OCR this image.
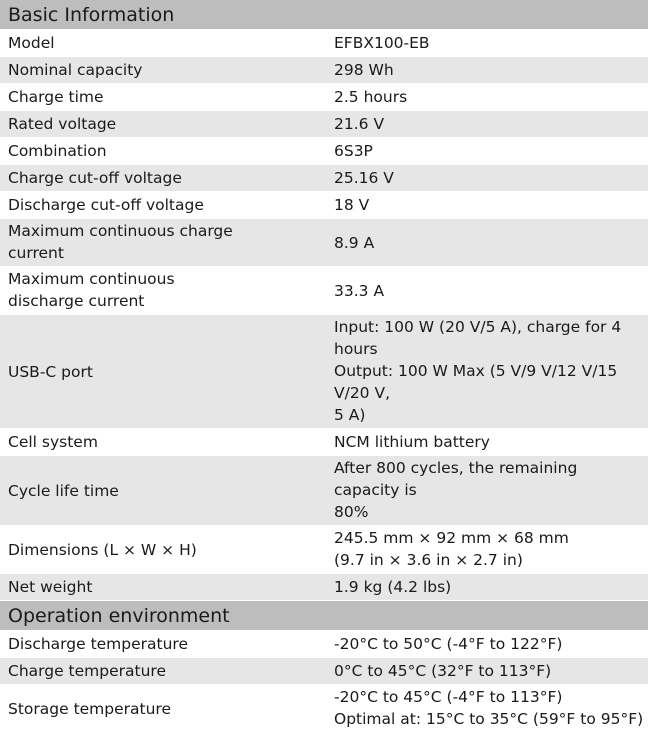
Basic Information	
Model	EFBX100-EB
Nominal capacity	298 Wh
Charge time	2.5 hours
Rated voltage	21.6 V
Combination	6S3P
Charge cut-off voltage	25.16 V
Discharge cut-off voltage	18 V

Maximum continuous charge
current	8.9 A

Maximum continuous
discharge current	33.3 A
USB-C port	Input: 100 W (20 V/5 A), charge for 4 hours
Output: 100 W Max (5 V/9 V/12 V/15 V/20 V,
5 A)

Cell system	NCM lithium battery
Cycle life time	After 800 cycles, the remaining capacity is
80%

Dimensions (L × W × H)	245.5 mm × 92 mm × 68 mm
(9.7 in × 3.6 in × 2.7 in)

Net weight	1.9 kg (4.2 lbs)
Operation environment	
Discharge temperature	-20°C to 50°C (-4°F to 122°F)
Charge temperature	0°C to 45°C (32°F to 113°F)
Storage temperature	-20°C to 45°C (-4°F to 113°F)
Optimal at: 15°C to 35°C (59°F to 95°F)
